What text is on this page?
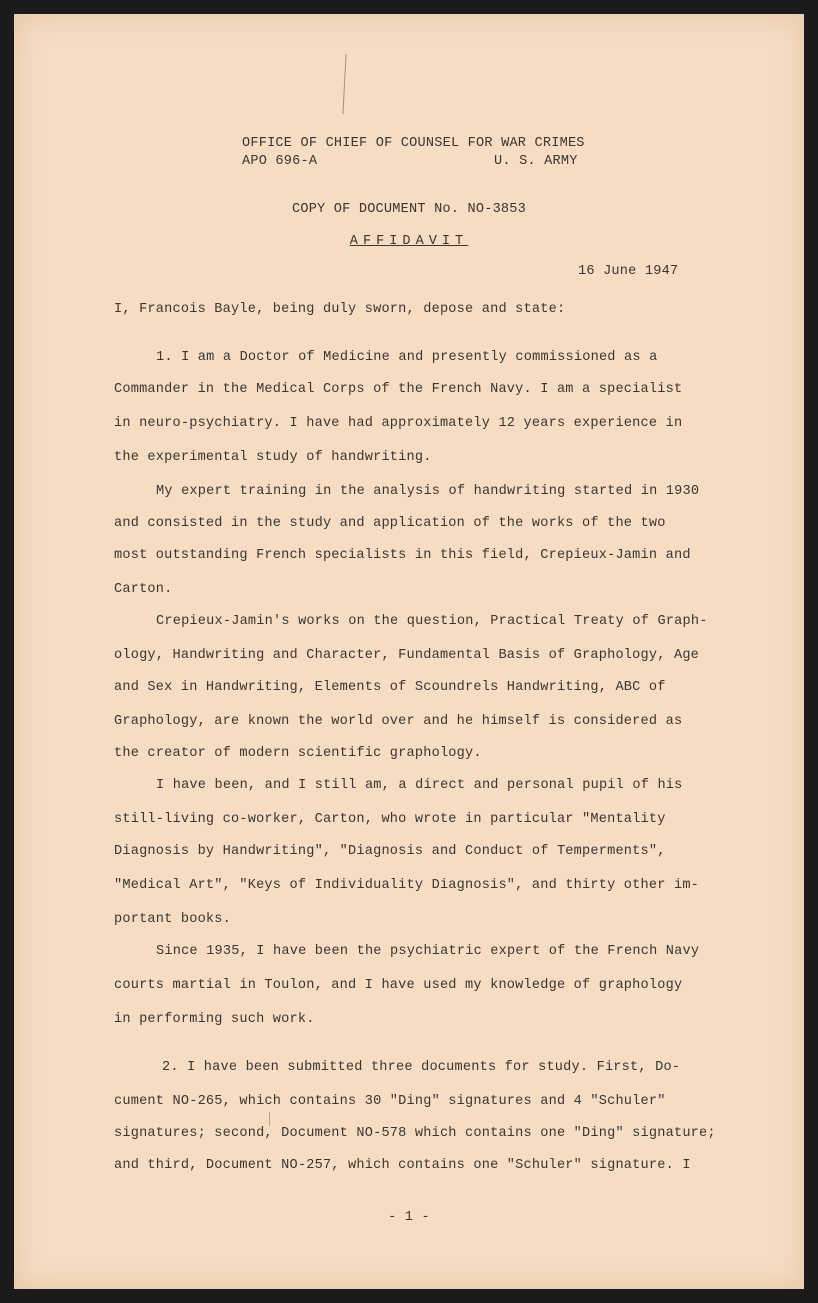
OFFICE OF CHIEF OF COUNSEL FOR WAR CRIMES
APO 696-A	U. S. ARMY
COPY OF DOCUMENT No. NO-3853
AFFIDAVIT
16 June 1947
I, Francois Bayle, being duly sworn, depose and state:
1. I am a Doctor of Medicine and presently commissioned as a
Commander in the Medical Corps of the French Navy. I am a specialist
in neuro-psychiatry. I have had approximately 12 years experience in
the experimental study of handwriting.
My expert training in the analysis of handwriting started in 1930
and consisted in the study and application of the works of the two
most outstanding French specialists in this field, Crepieux-Jamin and
Carton.
Crepieux-Jamin's works on the question, Practical Treaty of Graph-
ology, Handwriting and Character, Fundamental Basis of Graphology, Age
and Sex in Handwriting, Elements of Scoundrels Handwriting, ABC of
Graphology, are known the world over and he himself is considered as
the creator of modern scientific graphology.
I have been, and I still am, a direct and personal pupil of his
still-living co-worker, Carton, who wrote in particular "Mentality
Diagnosis by Handwriting", "Diagnosis and Conduct of Temperments",
"Medical Art", "Keys of Individuality Diagnosis", and thirty other im-
portant books.
Since 1935, I have been the psychiatric expert of the French Navy
courts martial in Toulon, and I have used my knowledge of graphology
in performing such work.
2. I have been submitted three documents for study. First, Do-
cument NO-265, which contains 30 "Ding" signatures and 4 "Schuler"
signatures; second, Document NO-578 which contains one "Ding" signature;
and third, Document NO-257, which contains one "Schuler" signature. I
- 1 -
